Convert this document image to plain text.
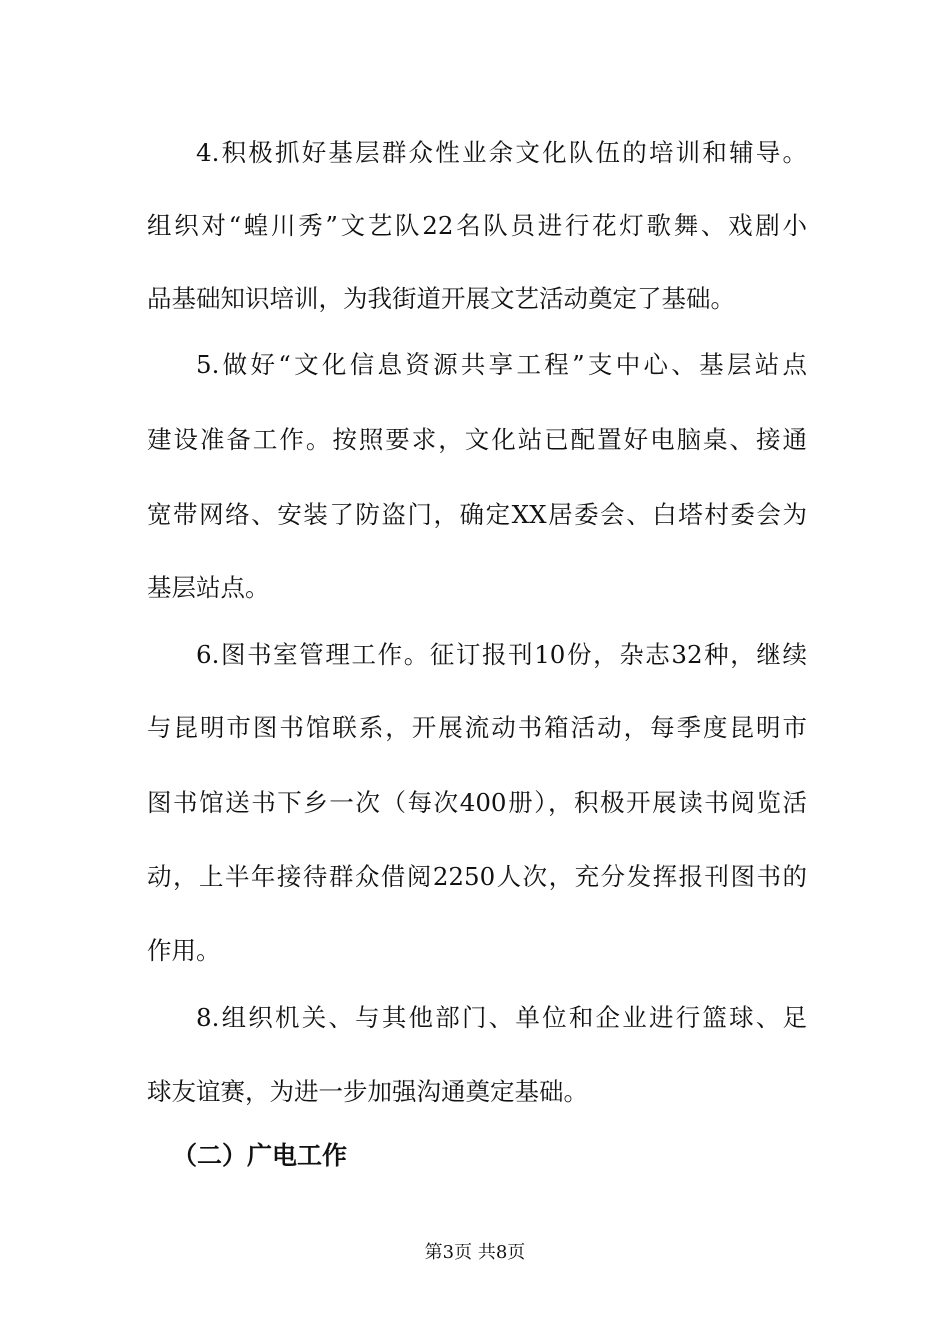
4.积极抓好基层群众性业余文化队伍的培训和辅导。
组织对“蝗川秀”文艺队22名队员进行花灯歌舞、戏剧小
品基础知识培训，为我街道开展文艺活动奠定了基础。
5.做好“文化信息资源共享工程”支中心、基层站点
建设准备工作。按照要求，文化站已配置好电脑桌、接通
宽带网络、安装了防盗门，确定XX居委会、白塔村委会为
基层站点。
6.图书室管理工作。征订报刊10份，杂志32种，继续
与昆明市图书馆联系，开展流动书箱活动，每季度昆明市
图书馆送书下乡一次（每次400册），积极开展读书阅览活
动，上半年接待群众借阅2250人次，充分发挥报刊图书的
作用。
8.组织机关、与其他部门、单位和企业进行篮球、足
球友谊赛，为进一步加强沟通奠定基础。
（二）广电工作
第3页 共8页
